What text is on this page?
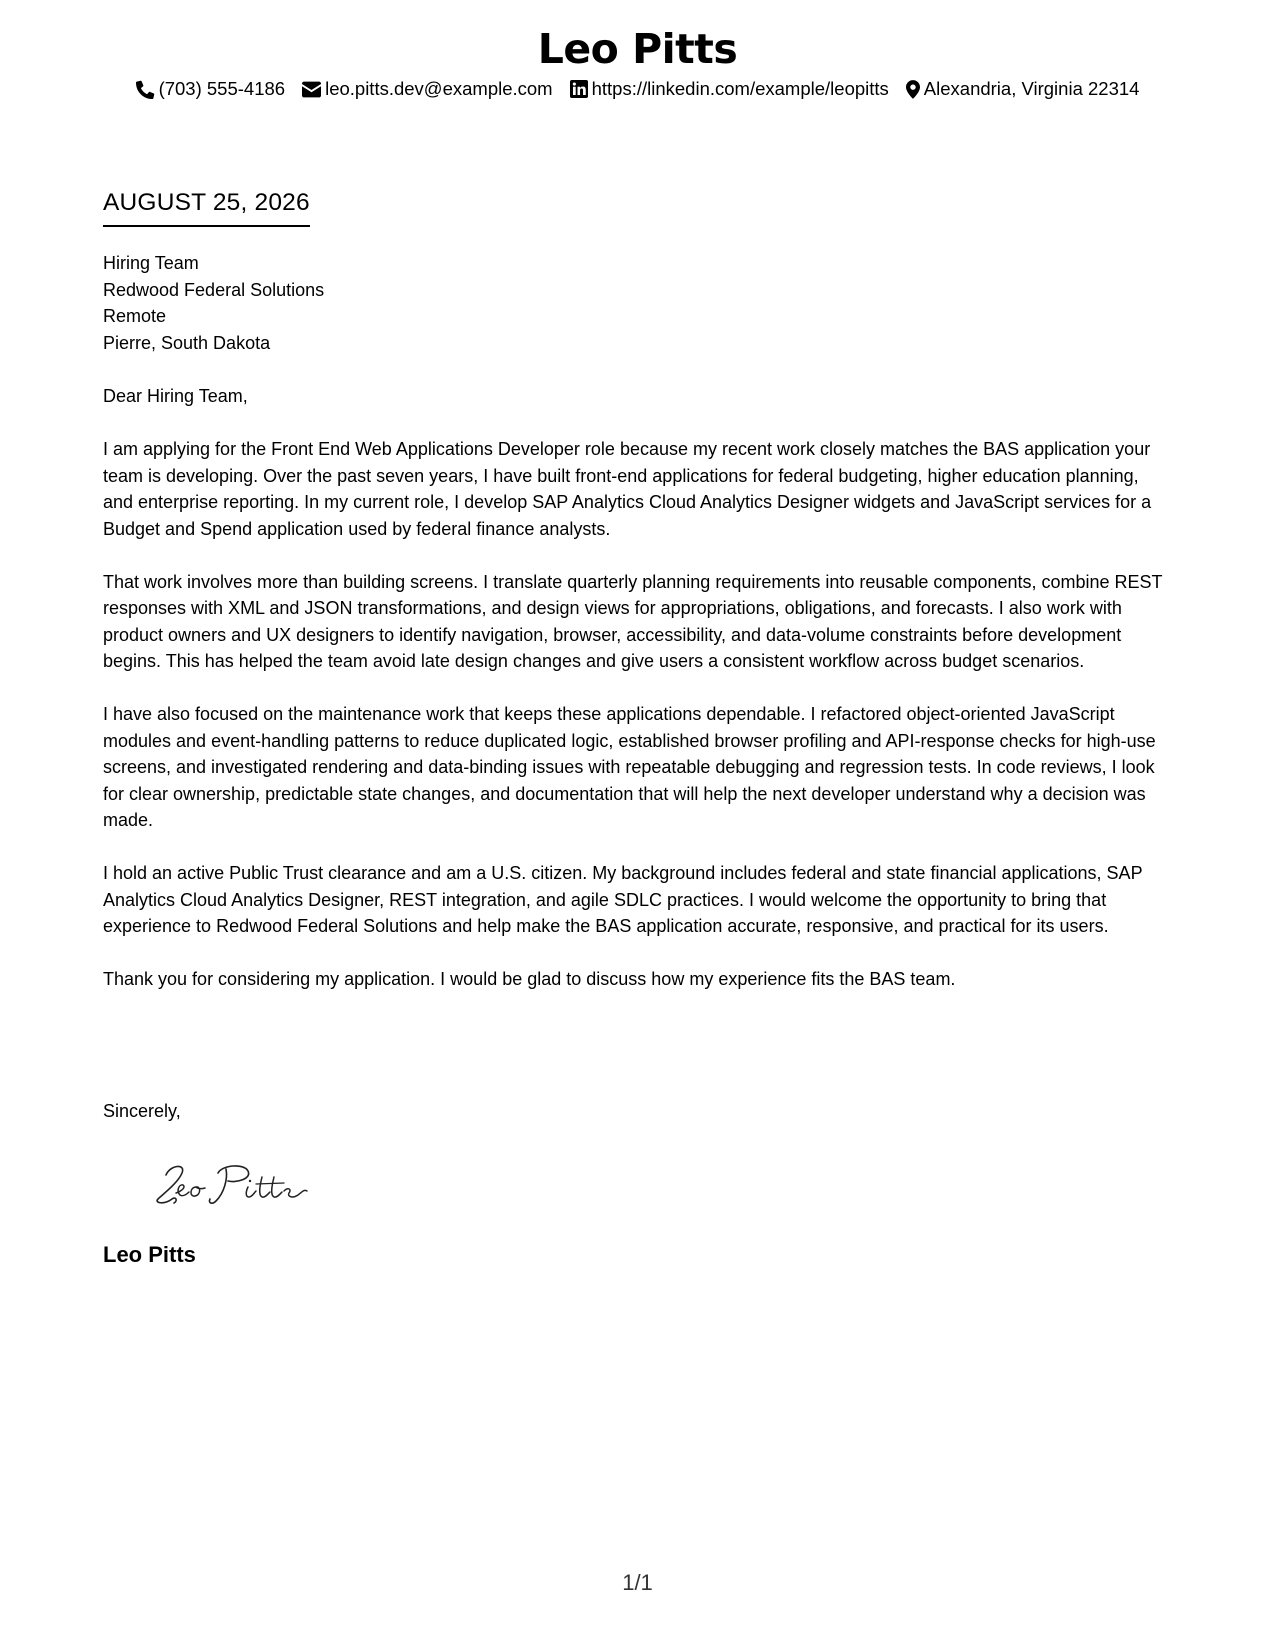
Leo Pitts
(703) 555-4186 leo.pitts.dev@example.com https://linkedin.com/example/leopitts Alexandria, Virginia 22314
AUGUST 25, 2026
Hiring Team
Redwood Federal Solutions
Remote
Pierre, South Dakota
Dear Hiring Team,

I am applying for the Front End Web Applications Developer role because my recent work closely matches the BAS application your team is developing. Over the past seven years, I have built front-end applications for federal budgeting, higher education planning, and enterprise reporting. In my current role, I develop SAP Analytics Cloud Analytics Designer widgets and JavaScript services for a Budget and Spend application used by federal finance analysts.

That work involves more than building screens. I translate quarterly planning requirements into reusable components, combine REST responses with XML and JSON transformations, and design views for appropriations, obligations, and forecasts. I also work with product owners and UX designers to identify navigation, browser, accessibility, and data-volume constraints before development begins. This has helped the team avoid late design changes and give users a consistent workflow across budget scenarios.

I have also focused on the maintenance work that keeps these applications dependable. I refactored object-oriented JavaScript modules and event-handling patterns to reduce duplicated logic, established browser profiling and API-response checks for high-use screens, and investigated rendering and data-binding issues with repeatable debugging and regression tests. In code reviews, I look for clear ownership, predictable state changes, and documentation that will help the next developer understand why a decision was made.

I hold an active Public Trust clearance and am a U.S. citizen. My background includes federal and state financial applications, SAP Analytics Cloud Analytics Designer, REST integration, and agile SDLC practices. I would welcome the opportunity to bring that experience to Redwood Federal Solutions and help make the BAS application accurate, responsive, and practical for its users.

Thank you for considering my application. I would be glad to discuss how my experience fits the BAS team.

Sincerely,
Leo Pitts
1/1
